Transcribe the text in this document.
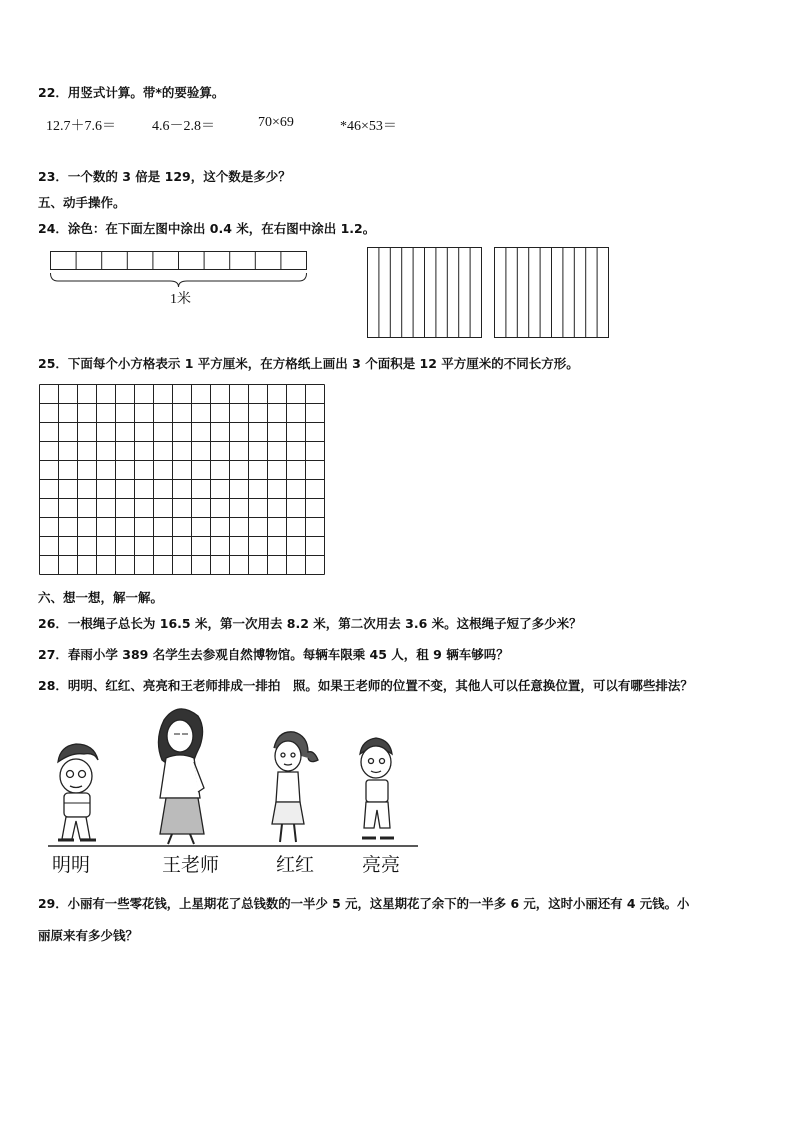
22．用竖式计算。带*的要验算。
12.7＋7.6＝	4.6－2.8＝	70×69	*46×53＝
23．一个数的 3 倍是 129，这个数是多少？
五、动手操作。
24．涂色：在下面左图中涂出 0.4 米，在右图中涂出 1.2。
1米
25．下面每个小方格表示 1 平方厘米，在方格纸上画出 3 个面积是 12 平方厘米的不同长方形。
六、想一想，解一解。
26．一根绳子总长为 16.5 米，第一次用去 8.2 米，第二次用去 3.6 米。这根绳子短了多少米？
27．春雨小学 389 名学生去参观自然博物馆。每辆车限乘 45 人，租 9 辆车够吗？
28．明明、红红、亮亮和王老师排成一排拍　照。如果王老师的位置不变，其他人可以任意换位置，可以有哪些排法？
明明	王老师	红红	亮亮
29．小丽有一些零花钱，上星期花了总钱数的一半少 5 元，这星期花了余下的一半多 6 元，这时小丽还有 4 元钱。小
丽原来有多少钱？
